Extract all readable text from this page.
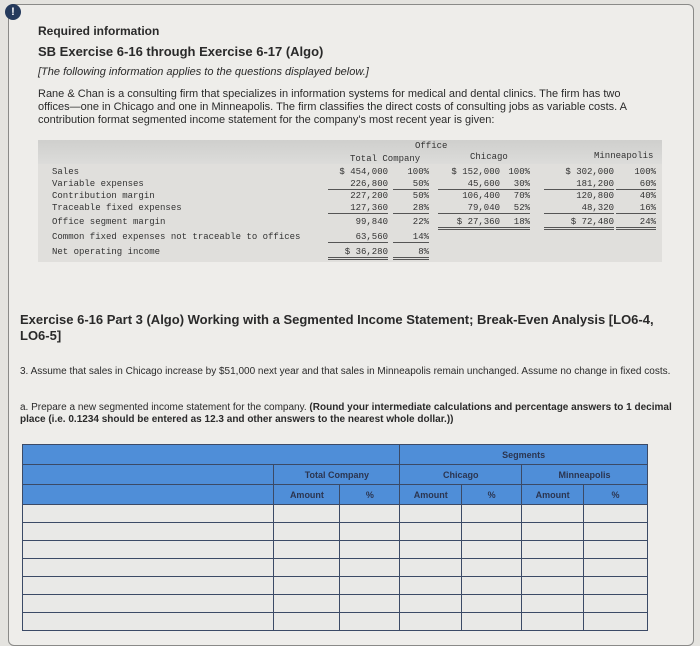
!
Required information
SB Exercise 6-16 through Exercise 6-17 (Algo)
[The following information applies to the questions displayed below.]
Rane & Chan is a consulting firm that specializes in information systems for medical and dental clinics. The firm has two offices—one in Chicago and one in Minneapolis. The firm classifies the direct costs of consulting jobs as variable costs. A contribution format segmented income statement for the company's most recent year is given:
Office
Total Company	Chicago	Minneapolis
Sales	$ 454,000	100%	$ 152,000 100%	$ 302,000	100%
Variable expenses	226,800	50%	45,600	30%	181,200	60%
Contribution margin	227,200	50%	106,400	70%	120,800	40%
Traceable fixed expenses	127,360	28%	79,040	52%	48,320	16%
Office segment margin	99,840	22%	$ 27,360	18%	$ 72,480	24%
Common fixed expenses not traceable to offices	63,560	14%
Net operating income	$ 36,280	8%
Exercise 6-16 Part 3 (Algo) Working with a Segmented Income Statement; Break-Even Analysis [LO6-4, LO6-5]
3. Assume that sales in Chicago increase by $51,000 next year and that sales in Minneapolis remain unchanged. Assume no change in fixed costs.
a. Prepare a new segmented income statement for the company. (Round your intermediate calculations and percentage answers to 1 decimal place (i.e. 0.1234 should be entered as 12.3 and other answers to the nearest whole dollar.))
			Segments			
	Total Company		Chicago		Minneapolis	
	Amount	%	Amount	%	Amount	%
